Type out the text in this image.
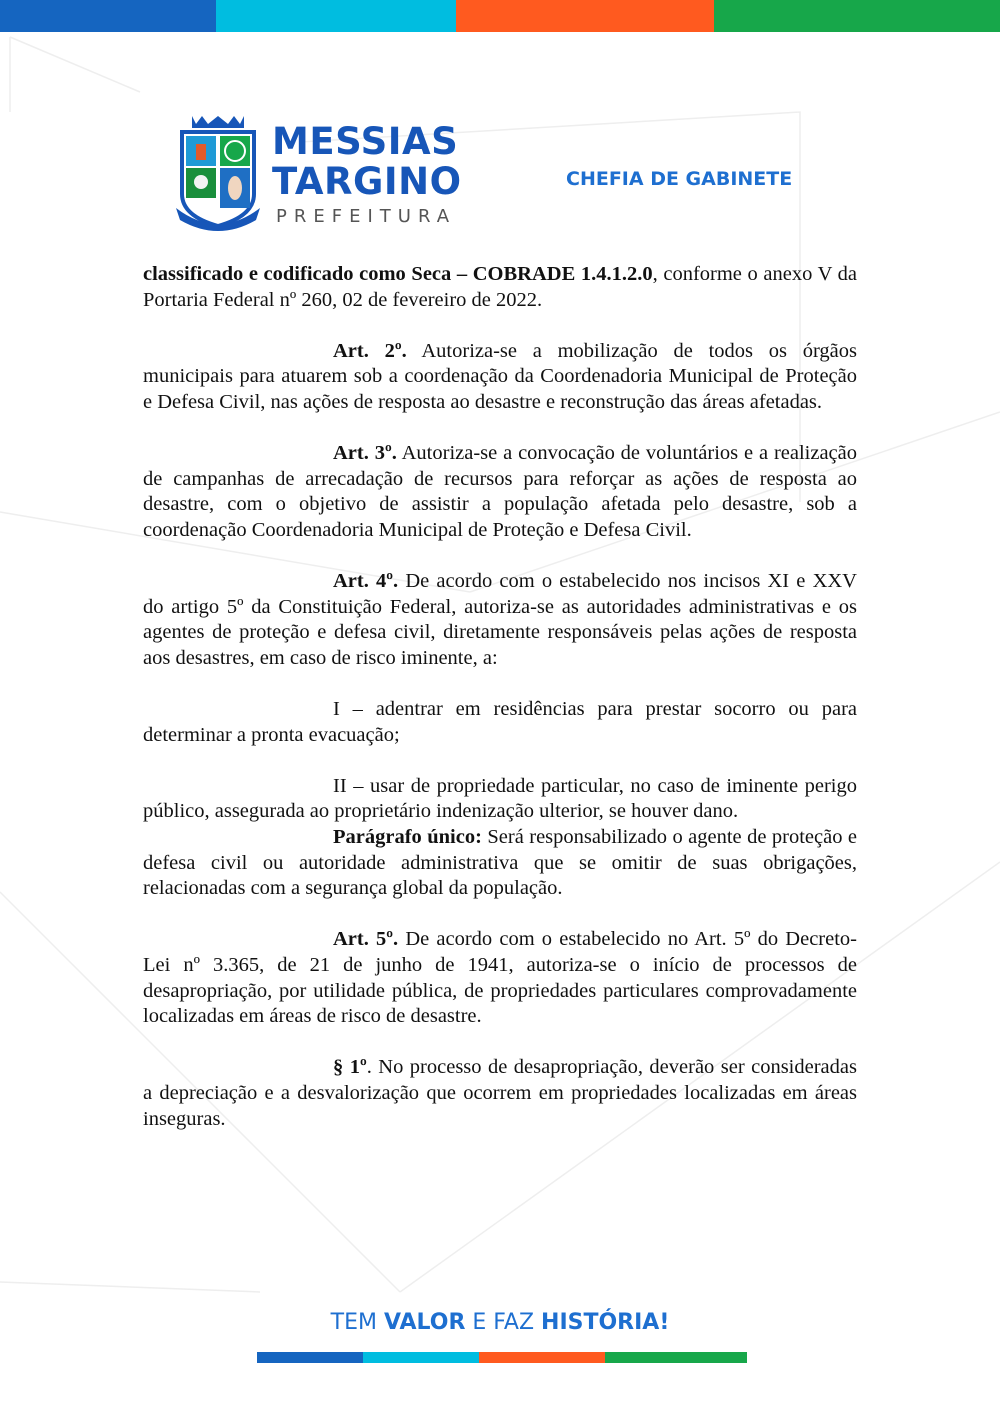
MESSIAS
TARGINO
PREFEITURA
CHEFIA DE GABINETE

classificado e codificado como Seca – COBRADE 1.4.1.2.0, conforme o anexo V da Portaria Federal nº 260, 02 de fevereiro de 2022.

Art. 2º. Autoriza-se a mobilização de todos os órgãos municipais para atuarem sob a coordenação da Coordenadoria Municipal de Proteção e Defesa Civil, nas ações de resposta ao desastre e reconstrução das áreas afetadas.

Art. 3º. Autoriza-se a convocação de voluntários e a realização de campanhas de arrecadação de recursos para reforçar as ações de resposta ao desastre, com o objetivo de assistir a população afetada pelo desastre, sob a coordenação Coordenadoria Municipal de Proteção e Defesa Civil.

Art. 4º. De acordo com o estabelecido nos incisos XI e XXV do artigo 5º da Constituição Federal, autoriza-se as autoridades administrativas e os agentes de proteção e defesa civil, diretamente responsáveis pelas ações de resposta aos desastres, em caso de risco iminente, a:

I – adentrar em residências para prestar socorro ou para determinar a pronta evacuação;

II – usar de propriedade particular, no caso de iminente perigo público, assegurada ao proprietário indenização ulterior, se houver dano.

Parágrafo único: Será responsabilizado o agente de proteção e defesa civil ou autoridade administrativa que se omitir de suas obrigações, relacionadas com a segurança global da população.

Art. 5º. De acordo com o estabelecido no Art. 5º do Decreto-Lei nº 3.365, de 21 de junho de 1941, autoriza-se o início de processos de desapropriação, por utilidade pública, de propriedades particulares comprovadamente localizadas em áreas de risco de desastre.

§ 1º. No processo de desapropriação, deverão ser consideradas a depreciação e a desvalorização que ocorrem em propriedades localizadas em áreas inseguras.

TEM VALOR E FAZ HISTÓRIA!
